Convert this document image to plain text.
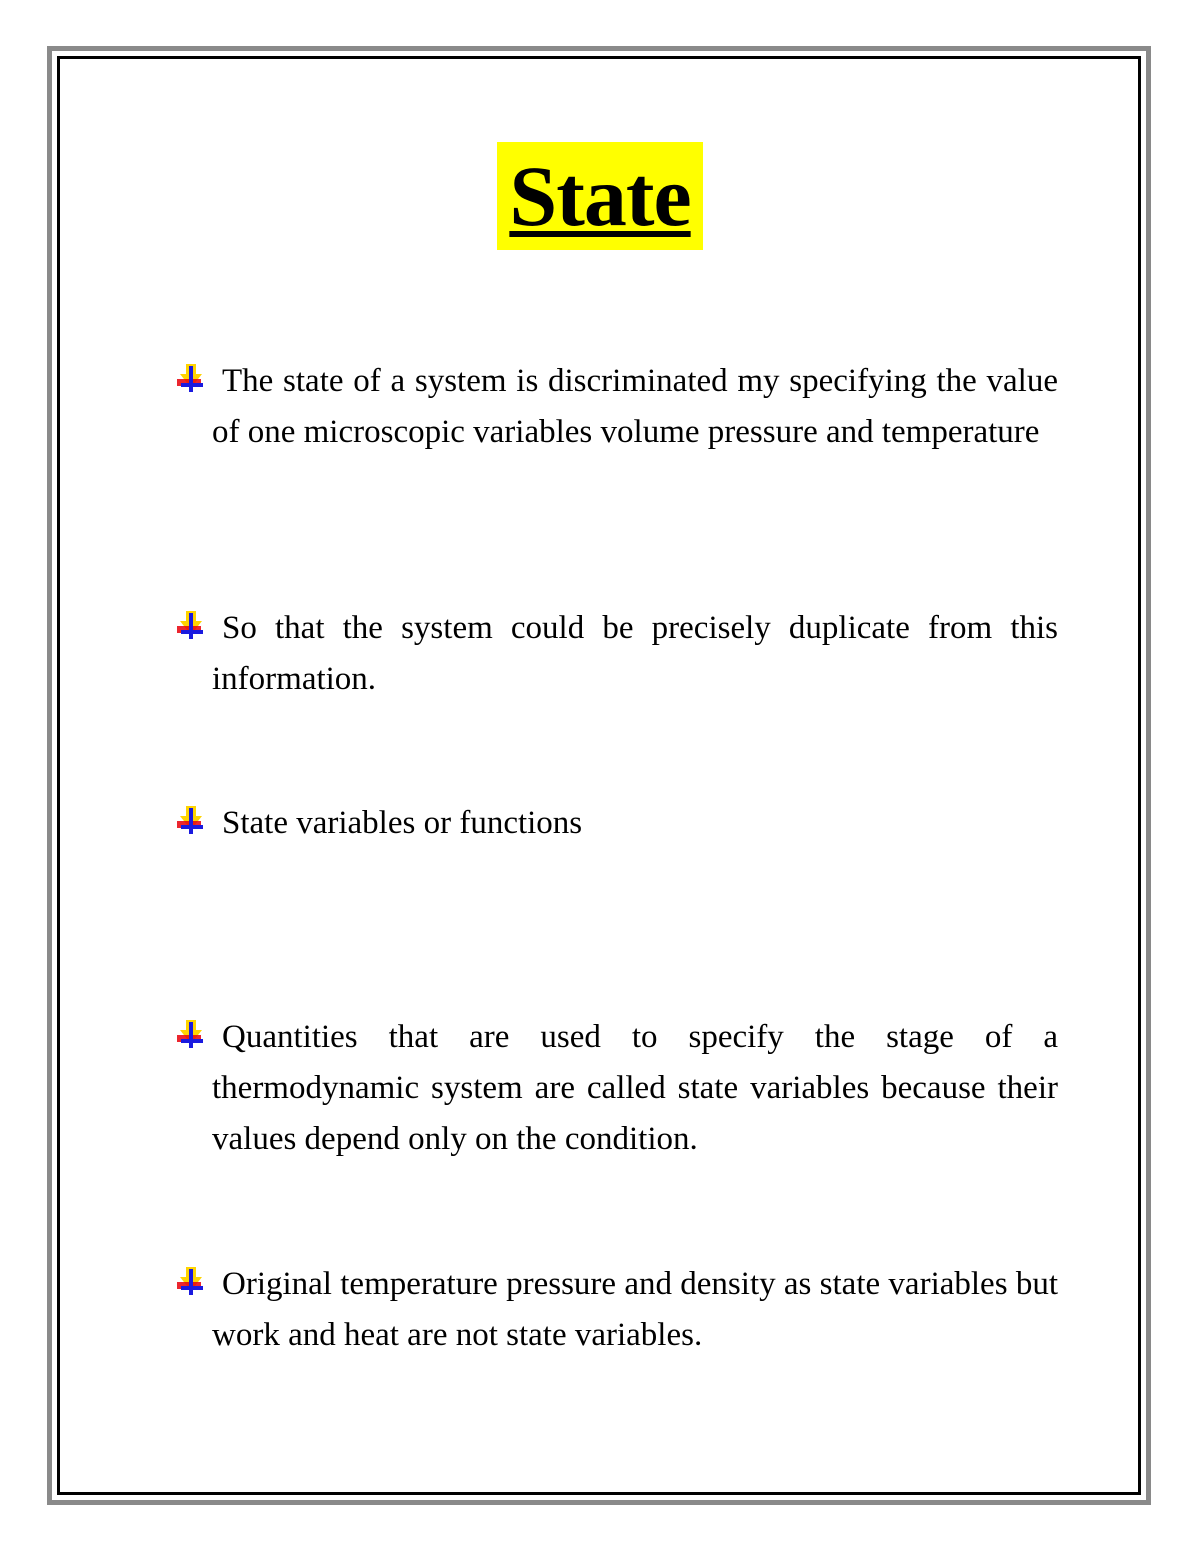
State
The state of a system is discriminated my specifying the value of one microscopic variables volume pressure and temperature
So that the system could be precisely duplicate from this information.
State variables or functions
Quantities that are used to specify the stage of a thermodynamic system are called state variables because their values depend only on the condition.
Original temperature pressure and density as state variables but work and heat are not state variables.
